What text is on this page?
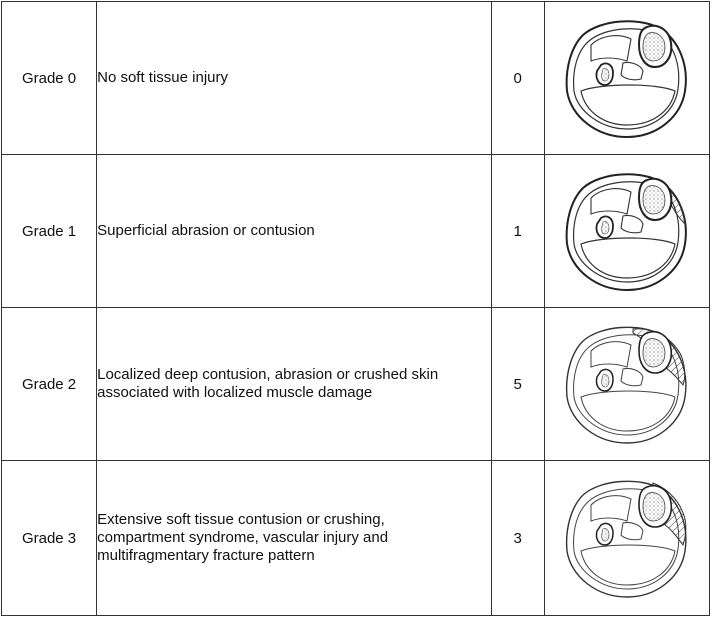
Grade 0	No soft tissue injury	0	

Grade 1	Superficial abrasion or contusion	1	

Grade 2	Localized deep contusion, abrasion or crushed skin
associated with localized muscle damage	5	

Grade 3	Extensive soft tissue contusion or crushing,
compartment syndrome, vascular injury and
multifragmentary fracture pattern	3	
